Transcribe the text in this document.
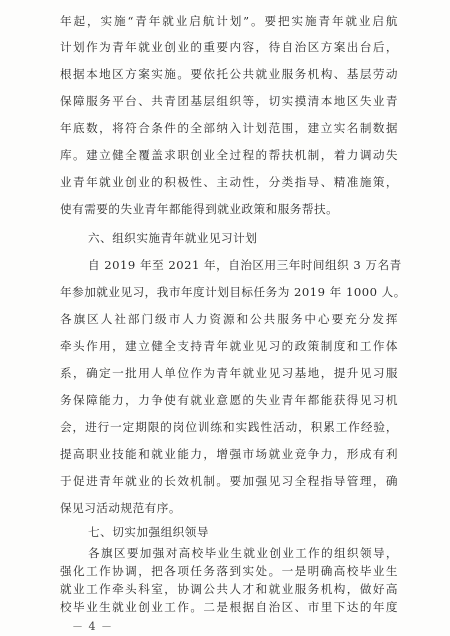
年起，实施“青年就业启航计划”。要把实施青年就业启航
计划作为青年就业创业的重要内容，待自治区方案出台后，
根据本地区方案实施。要依托公共就业服务机构、基层劳动
保障服务平台、共青团基层组织等，切实摸清本地区失业青
年底数，将符合条件的全部纳入计划范围，建立实名制数据
库。建立健全覆盖求职创业全过程的帮扶机制，着力调动失
业青年就业创业的积极性、主动性，分类指导、精准施策，
使有需要的失业青年都能得到就业政策和服务帮扶。
六、组织实施青年就业见习计划
自 2019 年至 2021 年，自治区用三年时间组织 3 万名青
年参加就业见习，我市年度计划目标任务为 2019 年 1000 人。
各旗区人社部门级市人力资源和公共服务中心要充分发挥
牵头作用，建立健全支持青年就业见习的政策制度和工作体
系，确定一批用人单位作为青年就业见习基地，提升见习服
务保障能力，力争使有就业意愿的失业青年都能获得见习机
会，进行一定期限的岗位训练和实践性活动，积累工作经验，
提高职业技能和就业能力，增强市场就业竞争力，形成有利
于促进青年就业的长效机制。要加强见习全程指导管理，确
保见习活动规范有序。
七、切实加强组织领导
－ 4 －
各旗区要加强对高校毕业生就业创业工作的组织领导，
强化工作协调，把各项任务落到实处。一是明确高校毕业生
就业工作牵头科室，协调公共人才和就业服务机构，做好高
校毕业生就业创业工作。二是根据自治区、市里下达的年度
